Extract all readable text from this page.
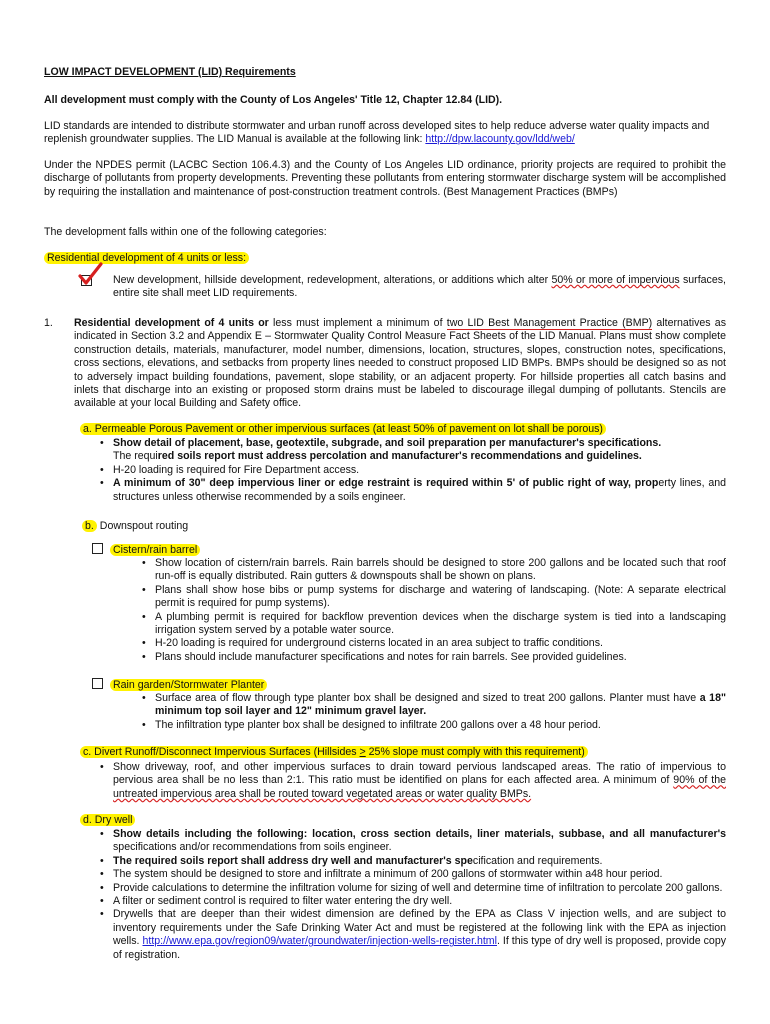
LOW IMPACT DEVELOPMENT (LID) Requirements
All development must comply with the County of Los Angeles' Title 12, Chapter 12.84 (LID).
LID standards are intended to distribute stormwater and urban runoff across developed sites to help reduce adverse water quality impacts and replenish groundwater supplies. The LID Manual is available at the following link: http://dpw.lacounty.gov/ldd/web/
Under the NPDES permit (LACBC Section 106.4.3) and the County of Los Angeles LID ordinance, priority projects are required to prohibit the discharge of pollutants from property developments. Preventing these pollutants from entering stormwater discharge system will be accomplished by requiring the installation and maintenance of post-construction treatment controls. (Best Management Practices (BMPs)
The development falls within one of the following categories:
Residential development of 4 units or less:
New development, hillside development, redevelopment, alterations, or additions which alter 50% or more of impervious surfaces, entire site shall meet LID requirements.
1.	Residential development of 4 units or less must implement a minimum of two LID Best Management Practice (BMP) alternatives as indicated in Section 3.2 and Appendix E – Stormwater Quality Control Measure Fact Sheets of the LID Manual. Plans must show complete construction details, materials, manufacturer, model number, dimensions, location, structures, slopes, construction notes, specifications, cross sections, elevations, and setbacks from property lines needed to construct proposed LID BMPs. BMPs should be designed so as not to adversely impact building foundations, pavement, slope stability, or an adjacent property. For hillside properties all catch basins and inlets that discharge into an existing or proposed storm drains must be labeled to discourage illegal dumping of pollutants. Stencils are available at your local Building and Safety office.
a. Permeable Porous Pavement or other impervious surfaces (at least 50% of pavement on lot shall be porous)
• Show detail of placement, base, geotextile, subgrade, and soil preparation per manufacturer's specifications.
The required soils report must address percolation and manufacturer's recommendations and guidelines.
• H-20 loading is required for Fire Department access.
• A minimum of 30" deep impervious liner or edge restraint is required within 5' of public right of way, property lines, and structures unless otherwise recommended by a soils engineer.
b. Downspout routing
Cistern/rain barrel
• Show location of cistern/rain barrels. Rain barrels should be designed to store 200 gallons and be located such that roof run-off is equally distributed. Rain gutters & downspouts shall be shown on plans.
• Plans shall show hose bibs or pump systems for discharge and watering of landscaping. (Note: A separate electrical permit is required for pump systems).
• A plumbing permit is required for backflow prevention devices when the discharge system is tied into a landscaping irrigation system served by a potable water source.
• H-20 loading is required for underground cisterns located in an area subject to traffic conditions.
• Plans should include manufacturer specifications and notes for rain barrels. See provided guidelines.
Rain garden/Stormwater Planter
• Surface area of flow through type planter box shall be designed and sized to treat 200 gallons. Planter must have a 18" minimum top soil layer and 12" minimum gravel layer.
• The infiltration type planter box shall be designed to infiltrate 200 gallons over a 48 hour period.
c. Divert Runoff/Disconnect Impervious Surfaces (Hillsides > 25% slope must comply with this requirement)
• Show driveway, roof, and other impervious surfaces to drain toward pervious landscaped areas. The ratio of impervious to pervious area shall be no less than 2:1. This ratio must be identified on plans for each affected area. A minimum of 90% of the untreated impervious area shall be routed toward vegetated areas or water quality BMPs.
d. Dry well
• Show details including the following: location, cross section details, liner materials, subbase, and all manufacturer's specifications and/or recommendations from soils engineer.
• The required soils report shall address dry well and manufacturer's specification and requirements.
• The system should be designed to store and infiltrate a minimum of 200 gallons of stormwater within a48 hour period.
• Provide calculations to determine the infiltration volume for sizing of well and determine time of infiltration to percolate 200 gallons.
• A filter or sediment control is required to filter water entering the dry well.
• Drywells that are deeper than their widest dimension are defined by the EPA as Class V injection wells, and are subject to inventory requirements under the Safe Drinking Water Act and must be registered at the following link with the EPA as injection wells. http://www.epa.gov/region09/water/groundwater/injection-wells-register.html. If this type of dry well is proposed, provide copy of registration.
